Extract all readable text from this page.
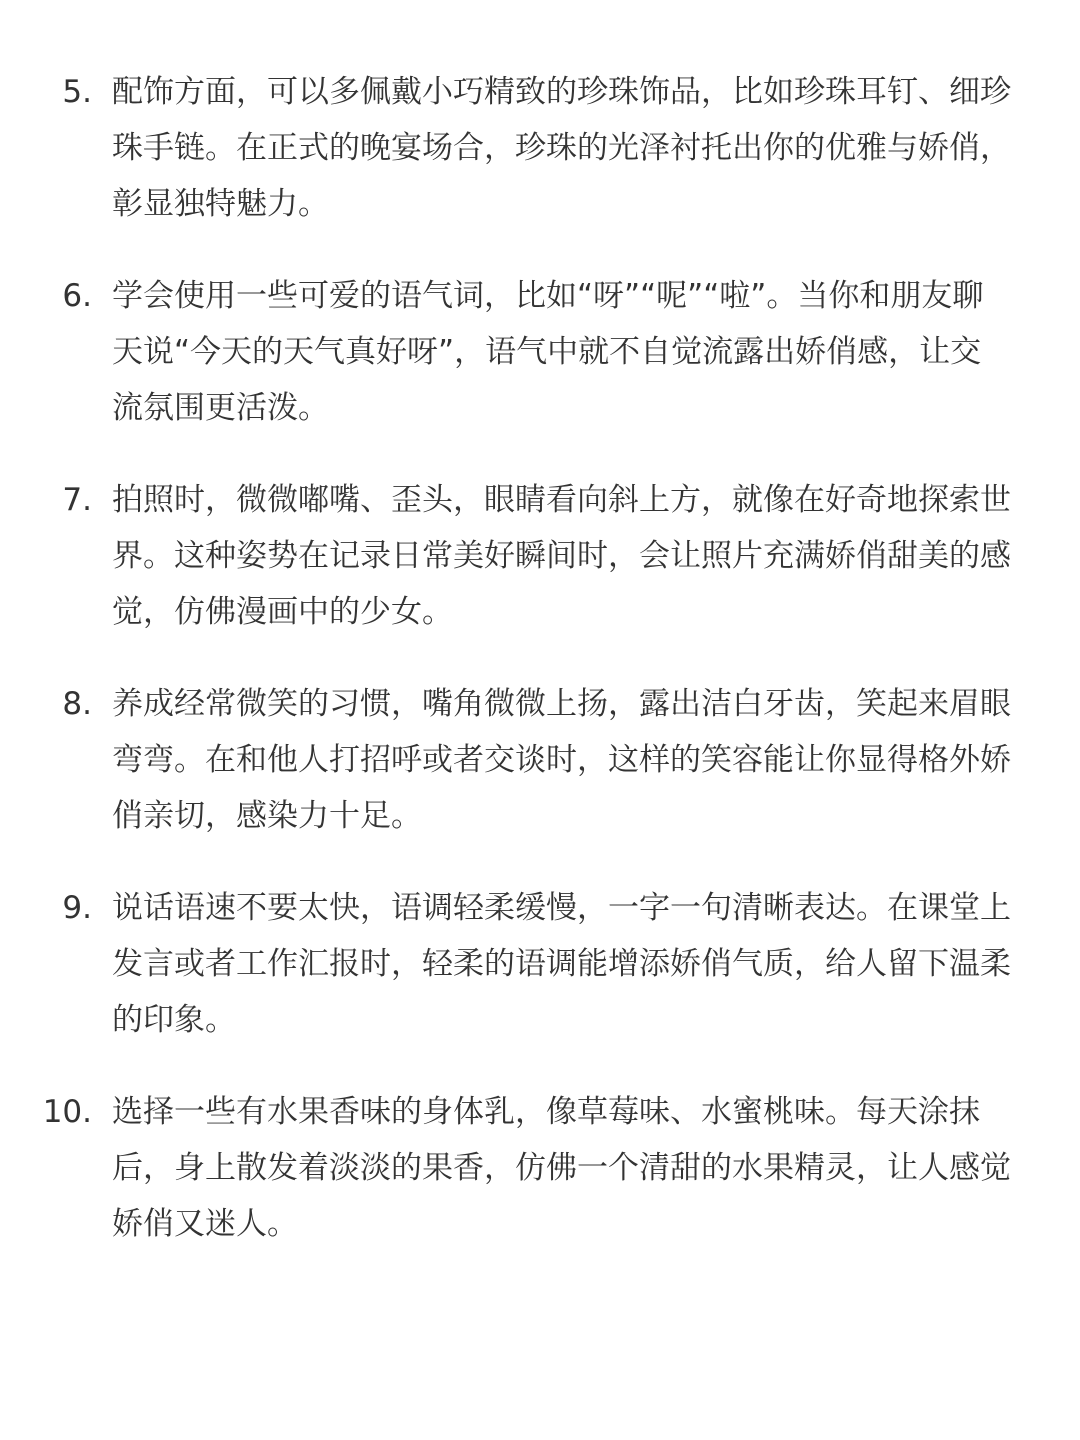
5. 配饰方面，可以多佩戴小巧精致的珍珠饰品，比如珍珠耳钉、细珍珠手链。在正式的晚宴场合，珍珠的光泽衬托出你的优雅与娇俏，彰显独特魅力。
6. 学会使用一些可爱的语气词，比如“呀”“呢”“啦”。当你和朋友聊天说“今天的天气真好呀”，语气中就不自觉流露出娇俏感，让交流氛围更活泼。
7. 拍照时，微微嘟嘴、歪头，眼睛看向斜上方，就像在好奇地探索世界。这种姿势在记录日常美好瞬间时，会让照片充满娇俏甜美的感觉，仿佛漫画中的少女。
8. 养成经常微笑的习惯，嘴角微微上扬，露出洁白牙齿，笑起来眉眼弯弯。在和他人打招呼或者交谈时，这样的笑容能让你显得格外娇俏亲切，感染力十足。
9. 说话语速不要太快，语调轻柔缓慢，一字一句清晰表达。在课堂上发言或者工作汇报时，轻柔的语调能增添娇俏气质，给人留下温柔的印象。
10. 选择一些有水果香味的身体乳，像草莓味、水蜜桃味。每天涂抹后，身上散发着淡淡的果香，仿佛一个清甜的水果精灵，让人感觉娇俏又迷人。
